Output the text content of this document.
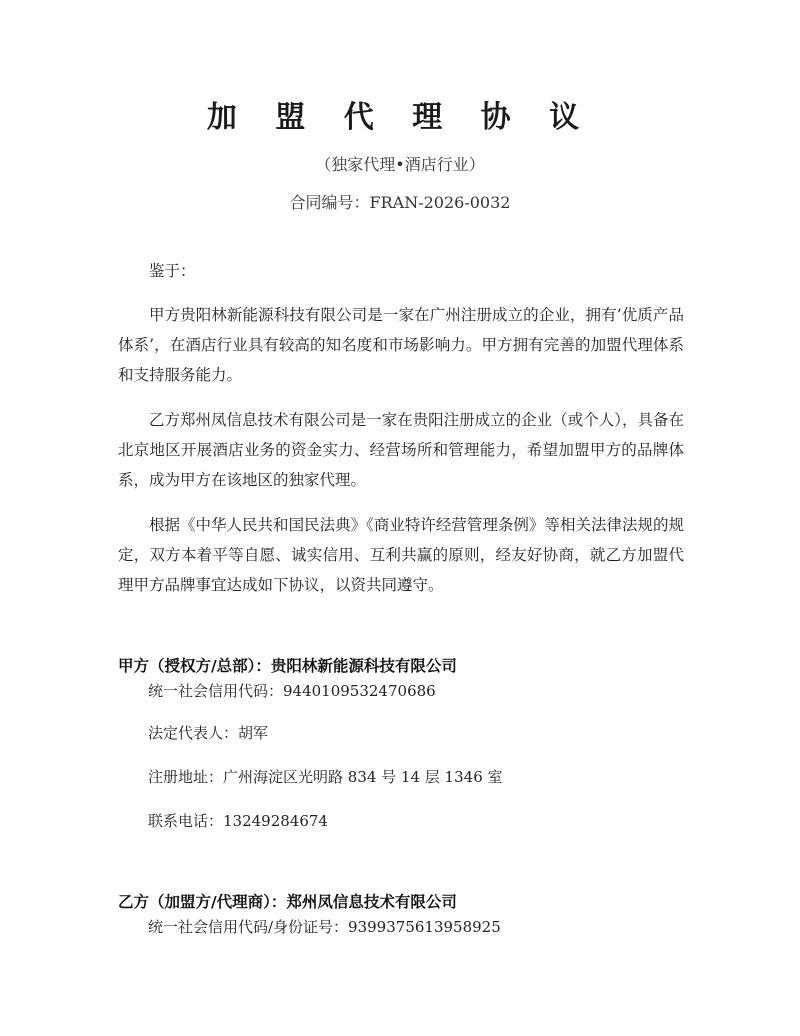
加 盟 代 理 协 议
（独家代理•酒店行业）
合同编号：FRAN-2026-0032

鉴于：

甲方贵阳林新能源科技有限公司是一家在广州注册成立的企业，拥有’优质产品体系’，在酒店行业具有较高的知名度和市场影响力。甲方拥有完善的加盟代理体系和支持服务能力。

乙方郑州凤信息技术有限公司是一家在贵阳注册成立的企业（或个人），具备在北京地区开展酒店业务的资金实力、经营场所和管理能力，希望加盟甲方的品牌体系，成为甲方在该地区的独家代理。

根据《中华人民共和国民法典》《商业特许经营管理条例》等相关法律法规的规定，双方本着平等自愿、诚实信用、互利共赢的原则，经友好协商，就乙方加盟代理甲方品牌事宜达成如下协议，以资共同遵守。

甲方（授权方/总部）：贵阳林新能源科技有限公司
统一社会信用代码：9440109532470686
法定代表人：胡军
注册地址：广州海淀区光明路 834 号 14 层 1346 室
联系电话：13249284674
乙方（加盟方/代理商）：郑州凤信息技术有限公司
统一社会信用代码/身份证号：9399375613958925
